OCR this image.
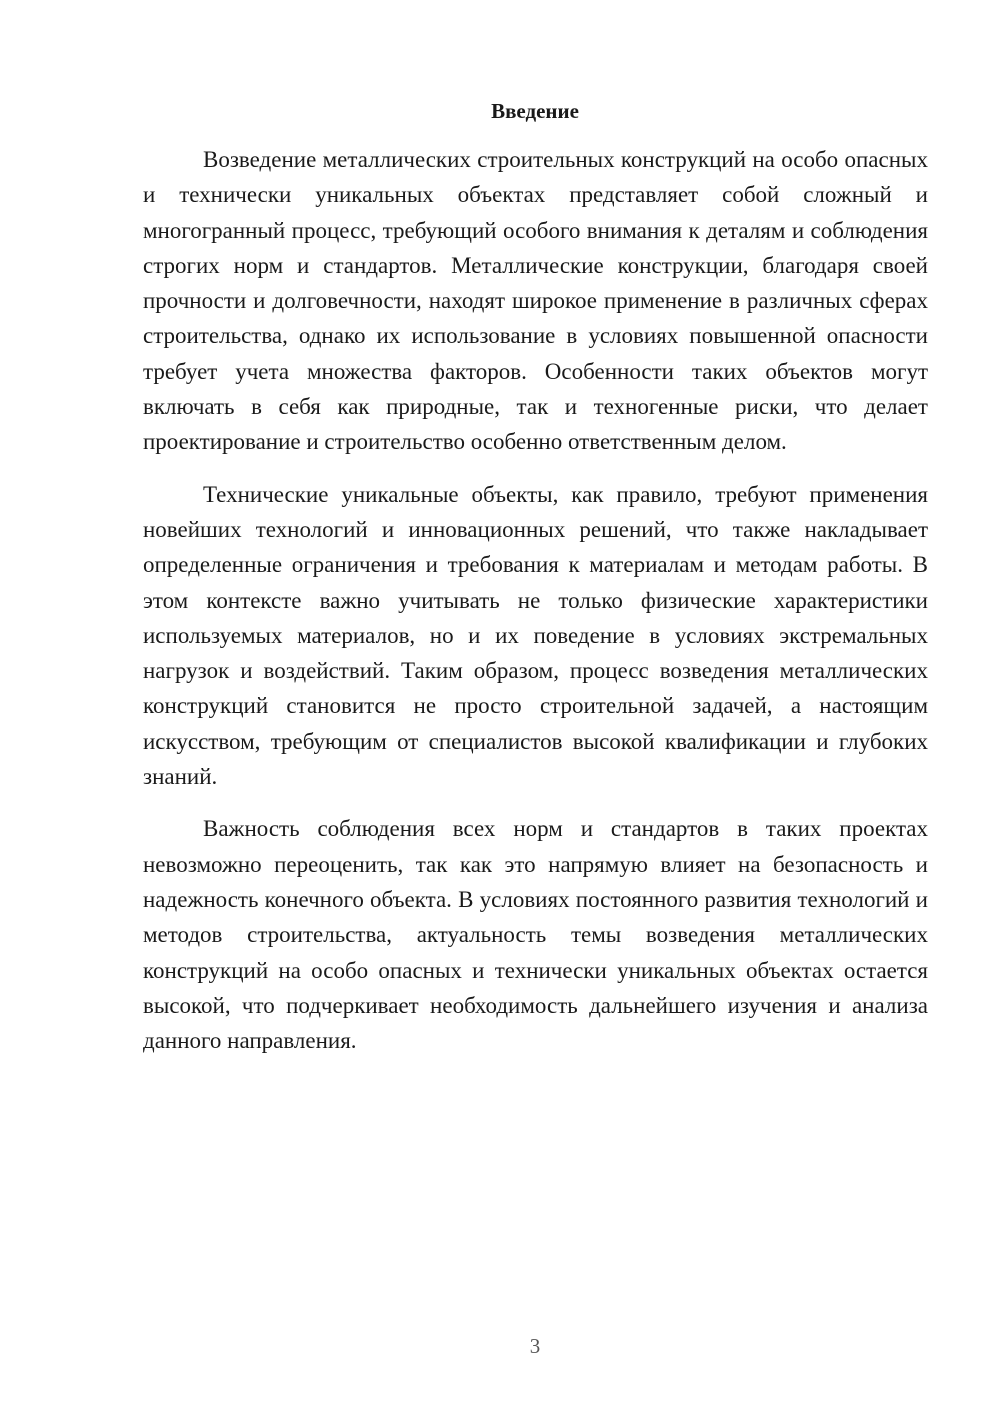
Введение

Возведение металлических строительных конструкций на особо опасных и технически уникальных объектах представляет собой сложный и многогранный процесс, требующий особого внимания к деталям и соблюдения строгих норм и стандартов. Металлические конструкции, благодаря своей прочности и долговечности, находят широкое применение в различных сферах строительства, однако их использование в условиях повышенной опасности требует учета множества факторов. Особенности таких объектов могут включать в себя как природные, так и техногенные риски, что делает проектирование и строительство особенно ответственным делом.

Технические уникальные объекты, как правило, требуют применения новейших технологий и инновационных решений, что также накладывает определенные ограничения и требования к материалам и методам работы. В этом контексте важно учитывать не только физические характеристики используемых материалов, но и их поведение в условиях экстремальных нагрузок и воздействий. Таким образом, процесс возведения металлических конструкций становится не просто строительной задачей, а настоящим искусством, требующим от специалистов высокой квалификации и глубоких знаний.

Важность соблюдения всех норм и стандартов в таких проектах невозможно переоценить, так как это напрямую влияет на безопасность и надежность конечного объекта. В условиях постоянного развития технологий и методов строительства, актуальность темы возведения металлических конструкций на особо опасных и технически уникальных объектах остается высокой, что подчеркивает необходимость дальнейшего изучения и анализа данного направления.

3
